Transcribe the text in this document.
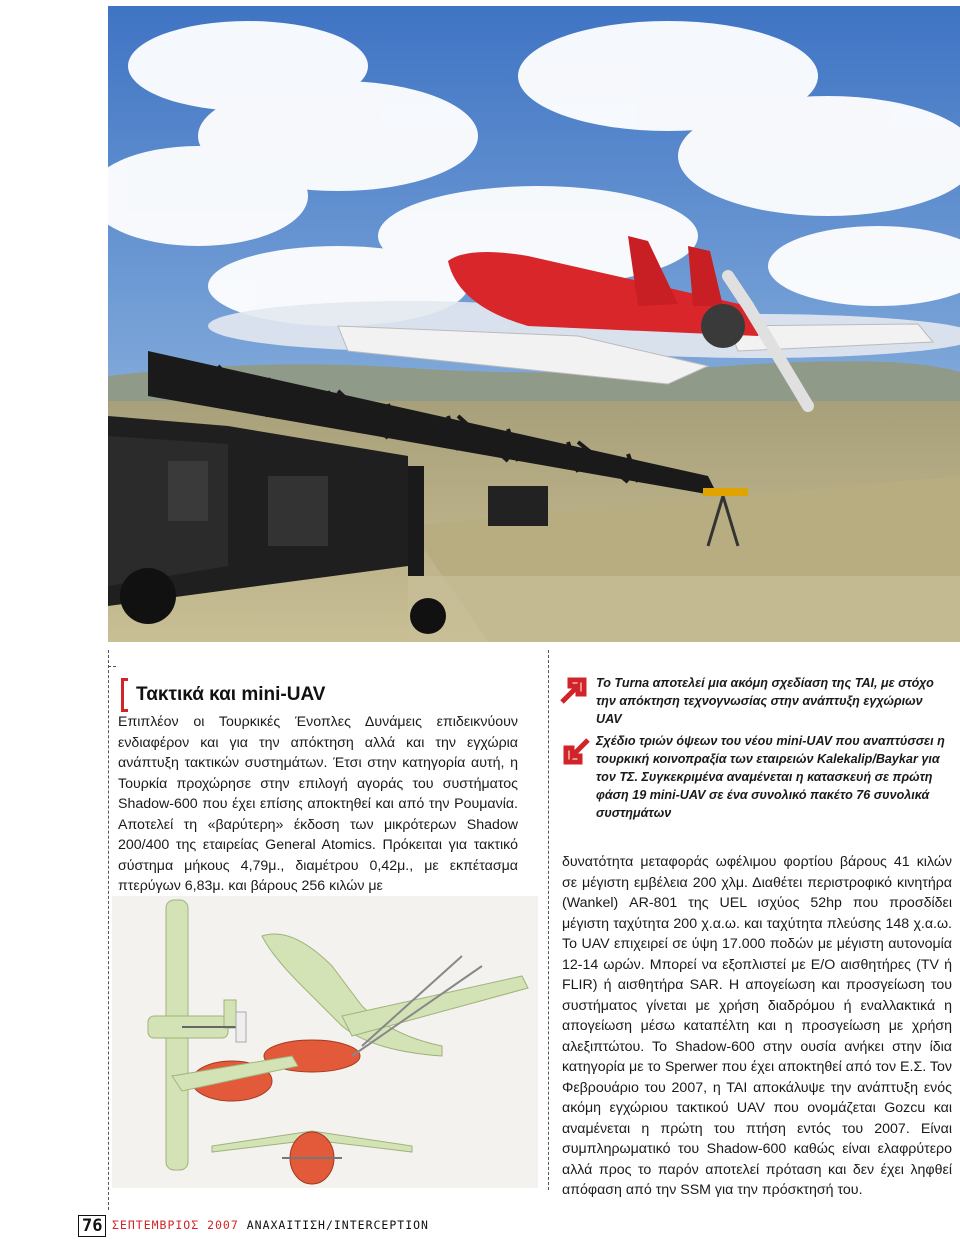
Τακτικά και mini-UAV

Επιπλέον οι Τουρκικές Ένοπλες Δυνάμεις επιδεικνύουν ενδιαφέρον και για την απόκτηση αλλά και την εγχώρια ανάπτυξη τακτικών συστημάτων. Έτσι στην κατηγορία αυτή, η Τουρκία προχώρησε στην επιλογή αγοράς του συστήματος Shadow-600 που έχει επίσης αποκτηθεί και από την Ρουμανία. Αποτελεί τη «βαρύτερη» έκδοση των μικρότερων Shadow 200/400 της εταιρείας General Atomics. Πρόκειται για τακτικό σύστημα μήκους 4,79μ., διαμέτρου 0,42μ., με εκπέτασμα πτερύγων 6,83μ. και βάρους 256 κιλών με

Το Turna αποτελεί μια ακόμη σχεδίαση της ΤΑΙ, με στόχο την απόκτηση τεχνογνωσίας στην ανάπτυξη εγχώριων UAV

Σχέδιο τριών όψεων του νέου mini-UAV που αναπτύσσει η τουρκική κοινοπραξία των εταιρειών Kalekalip/Baykar για τον ΤΣ. Συγκεκριμένα αναμένεται η κατασκευή σε πρώτη φάση 19 mini-UAV σε ένα συνολικό πακέτο 76 συνολικά συστημάτων

δυνατότητα μεταφοράς ωφέλιμου φορτίου βάρους 41 κιλών σε μέγιστη εμβέλεια 200 χλμ. Διαθέτει περιστροφικό κινητήρα (Wankel) AR-801 της UEL ισχύος 52hp που προσδίδει μέγιστη ταχύτητα 200 χ.α.ω. και ταχύτητα πλεύσης 148 χ.α.ω. Το UAV επιχειρεί σε ύψη 17.000 ποδών με μέγιστη αυτονομία 12-14 ωρών. Μπορεί να εξοπλιστεί με Ε/Ο αισθητήρες (TV ή FLIR) ή αισθητήρα SAR. Η απογείωση και προσγείωση του συστήματος γίνεται με χρήση διαδρόμου ή εναλλακτικά η απογείωση μέσω καταπέλτη και η προσγείωση με χρήση αλεξιπτώτου. Το Shadow-600 στην ουσία ανήκει στην ίδια κατηγορία με το Sperwer που έχει αποκτηθεί από τον Ε.Σ. Τον Φεβρουάριο του 2007, η ΤΑΙ αποκάλυψε την ανάπτυξη ενός ακόμη εγχώριου τακτικού UAV που ονομάζεται Gozcu και αναμένεται η πρώτη του πτήση εντός του 2007. Είναι συμπληρωματικό του Shadow-600 καθώς είναι ελαφρύτερο αλλά προς το παρόν αποτελεί πρόταση και δεν έχει ληφθεί απόφαση από την SSM για την πρόσκτησή του.

76 ΣΕΠΤΕΜΒΡΙΟΣ 2007 ΑΝΑΧΑΙΤΙΣΗ/INTERCEPTION
